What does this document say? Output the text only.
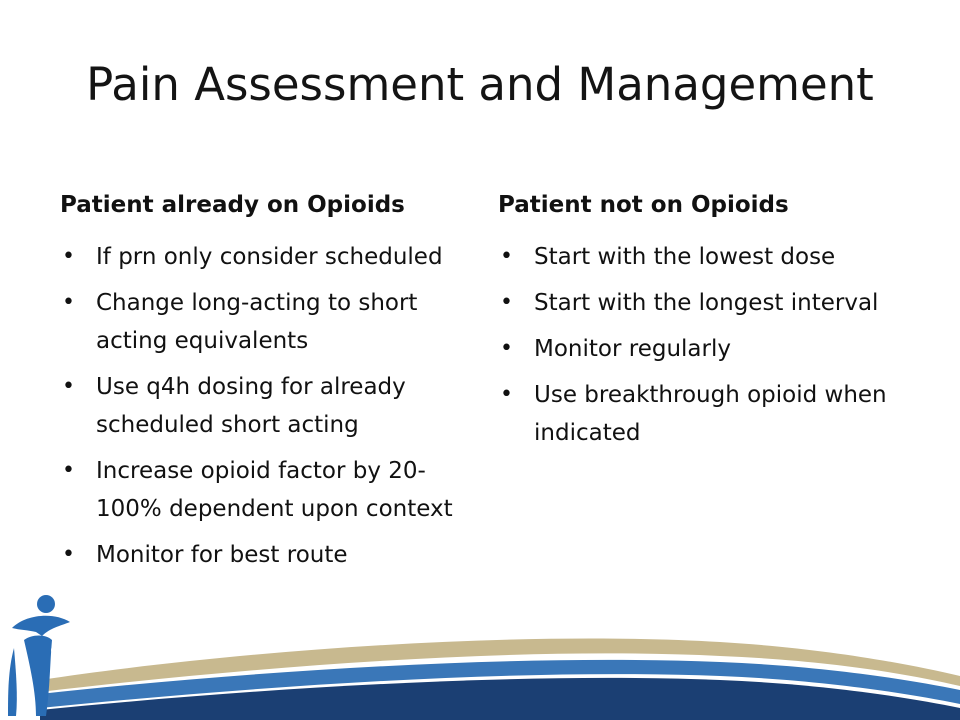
Pain Assessment and Management
Patient already on Opioids
• If prn only consider scheduled
• Change long-acting to short acting equivalents
• Use q4h dosing for already scheduled short acting
• Increase opioid factor by 20-100% dependent upon context
• Monitor for best route
Patient not on Opioids
• Start with the lowest dose
• Start with the longest interval
• Monitor regularly
• Use breakthrough opioid when indicated
